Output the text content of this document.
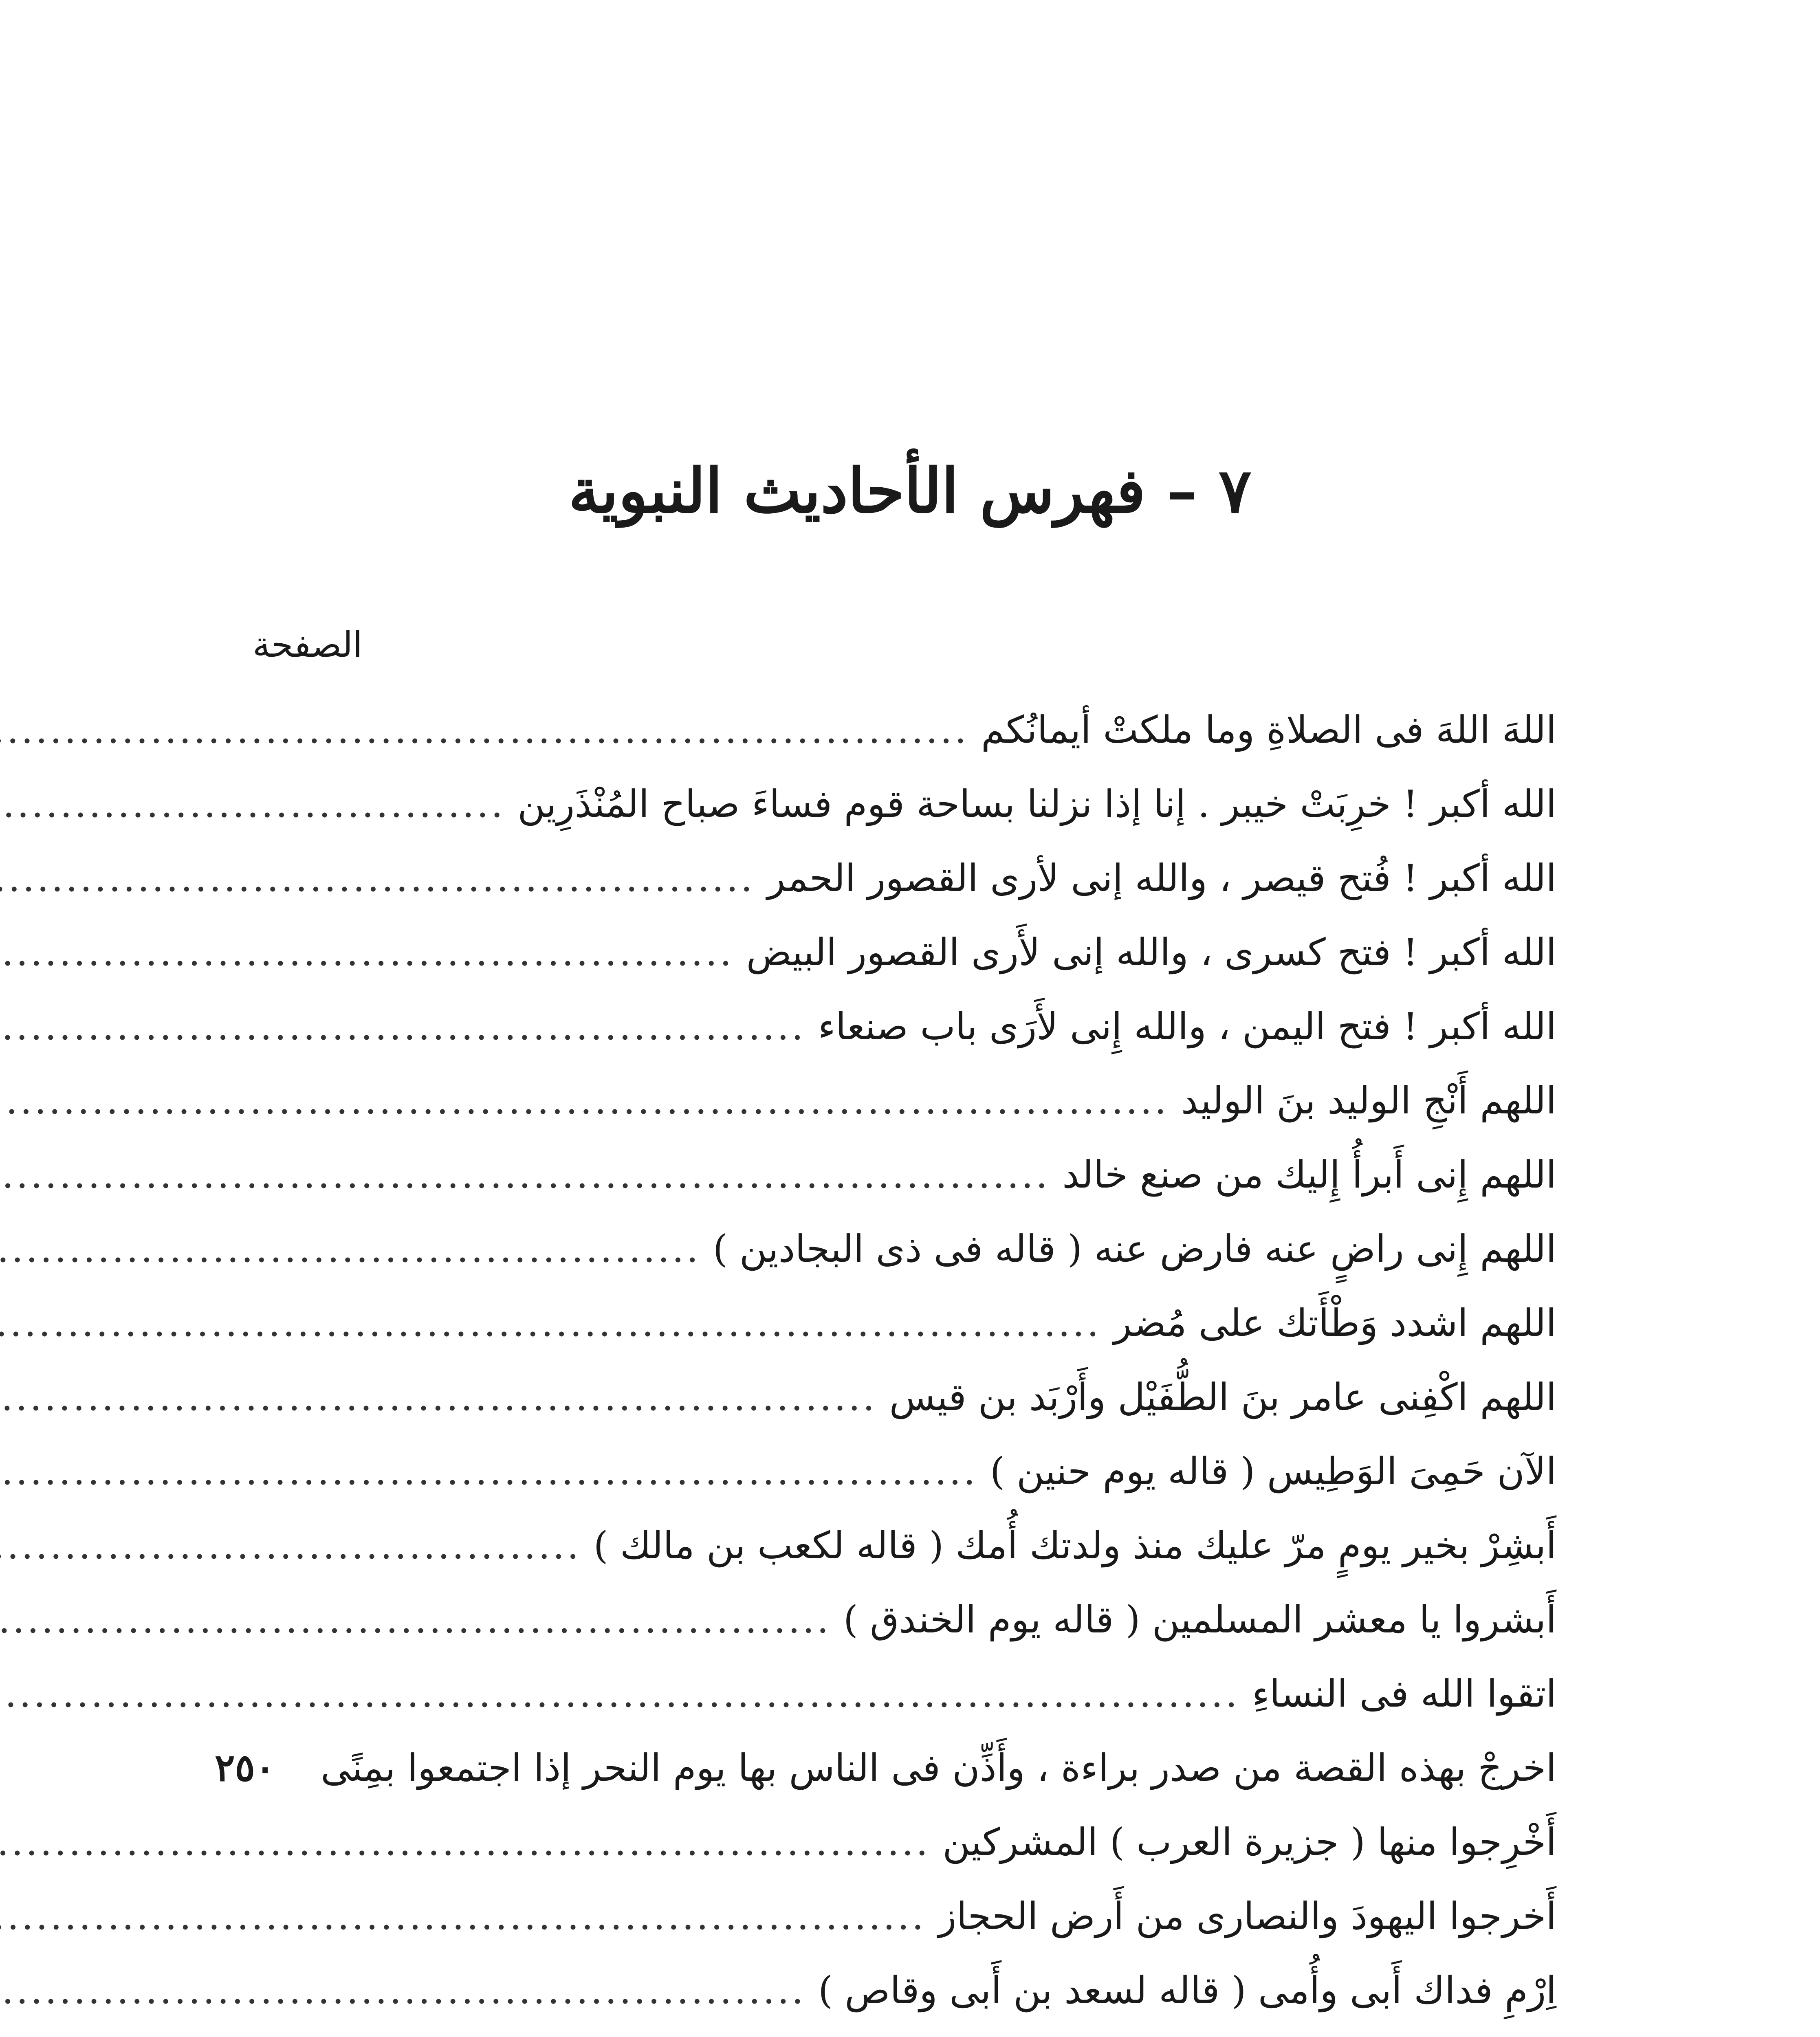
٧ – فهرس الأحاديث النبوية
الصفحة
اللهَ اللهَ فى الصلاةِ وما ملكتْ أيمانُكم
.....
الله أكبر ! خرِبَتْ خيبر . إنا إذا نزلنا بساحة قوم فساءَ صباح المُنْذَرِين
.....
الله أكبر ! فُتح قيصر ، والله إنى لأرى القصور الحمر
.....
الله أكبر ! فتح كسرى ، والله إنى لأَرى القصور البيض
.....
الله أكبر ! فتح اليمن ، والله إِنى لأَرَى باب صنعاء
.....
اللهم أَنْجِ الوليد بنَ الوليد
.....
اللهم إِنى أَبرأُ إِليك من صنع خالد
.....
اللهم إِنى راضٍ عنه فارض عنه ( قاله فى ذى البجادين )
.....
اللهم اشدد وَطْأَتك على مُضر
.....
اللهم اكْفِنى عامر بنَ الطُّفَيْل وأَرْبَد بن قيس
.....
الآن حَمِىَ الوَطِيس ( قاله يوم حنين )
.....
أَبشِرْ بخير يومٍ مرّ عليك منذ ولدتك أُمك ( قاله لكعب بن مالك )
.....
أَبشروا يا معشر المسلمين ( قاله يوم الخندق )
.....
اتقوا الله فى النساءِ
.....
اخرجْ بهذه القصة من صدر براءة ، وأَذِّن فى الناس بها يوم النحر إذا اجتمعوا بمِنًى
٢٥٠
أَخْرِجوا منها ( جزيرة العرب ) المشركين
.....
أَخرجوا اليهودَ والنصارى من أَرض الحجاز
.....
اِرْمِ فداك أَبى وأُمى ( قاله لسعد بن أَبى وقاص )
.....
.....
